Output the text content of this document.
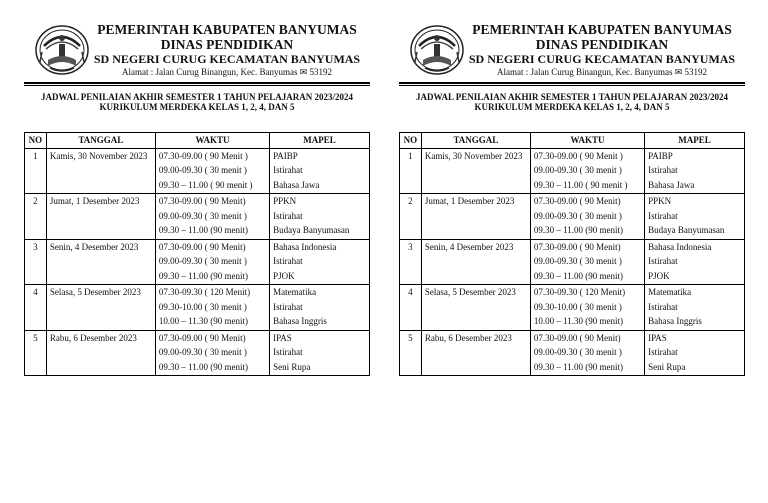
PEMERINTAH KABUPATEN BANYUMAS
DINAS PENDIDIKAN
SD NEGERI CURUG KECAMATAN BANYUMAS
Alamat : Jalan Curug Binangun, Kec. Banyumas ✉ 53192
JADWAL PENILAIAN AKHIR SEMESTER 1 TAHUN PELAJARAN 2023/2024
KURIKULUM MERDEKA KELAS 1, 2, 4, DAN 5
NO	TANGGAL	WAKTU	MAPEL
1	Kamis, 30 November 2023	07.30-09.00 ( 90 Menit )	PAIBP
		09.00-09.30 ( 30 menit )	Istirahat
		09.30 – 11.00 ( 90 menit )	Bahasa Jawa
2	Jumat, 1 Desember 2023	07.30-09.00 ( 90 Menit)	PPKN
		09.00-09.30 ( 30 menit )	Istirahat
		09.30 – 11.00 (90 menit)	Budaya Banyumasan
3	Senin, 4 Desember 2023	07.30-09.00 ( 90 Menit)	Bahasa Indonesia
		09.00-09.30 ( 30 menit )	Istirahat
		09.30 – 11.00 (90 menit)	PJOK
4	Selasa, 5 Desember 2023	07.30-09.30 ( 120 Menit)	Matematika
		09.30-10.00 ( 30 menit )	Istirahat
		10.00 – 11.30 (90 menit)	Bahasa Inggris
5	Rabu, 6 Desember 2023	07.30-09.00 ( 90 Menit)	IPAS
		09.00-09.30 ( 30 menit )	Istirahat
		09.30 – 11.00 (90 menit)	Seni Rupa
PEMERINTAH KABUPATEN BANYUMAS
DINAS PENDIDIKAN
SD NEGERI CURUG KECAMATAN BANYUMAS
Alamat : Jalan Curug Binangun, Kec. Banyumas ✉ 53192
JADWAL PENILAIAN AKHIR SEMESTER 1 TAHUN PELAJARAN 2023/2024
KURIKULUM MERDEKA KELAS 1, 2, 4, DAN 5
NO	TANGGAL	WAKTU	MAPEL
1	Kamis, 30 November 2023	07.30-09.00 ( 90 Menit )	PAIBP
		09.00-09.30 ( 30 menit )	Istirahat
		09.30 – 11.00 ( 90 menit )	Bahasa Jawa
2	Jumat, 1 Desember 2023	07.30-09.00 ( 90 Menit)	PPKN
		09.00-09.30 ( 30 menit )	Istirahat
		09.30 – 11.00 (90 menit)	Budaya Banyumasan
3	Senin, 4 Desember 2023	07.30-09.00 ( 90 Menit)	Bahasa Indonesia
		09.00-09.30 ( 30 menit )	Istirahat
		09.30 – 11.00 (90 menit)	PJOK
4	Selasa, 5 Desember 2023	07.30-09.30 ( 120 Menit)	Matematika
		09.30-10.00 ( 30 menit )	Istirahat
		10.00 – 11.30 (90 menit)	Bahasa Inggris
5	Rabu, 6 Desember 2023	07.30-09.00 ( 90 Menit)	IPAS
		09.00-09.30 ( 30 menit )	Istirahat
		09.30 – 11.00 (90 menit)	Seni Rupa
